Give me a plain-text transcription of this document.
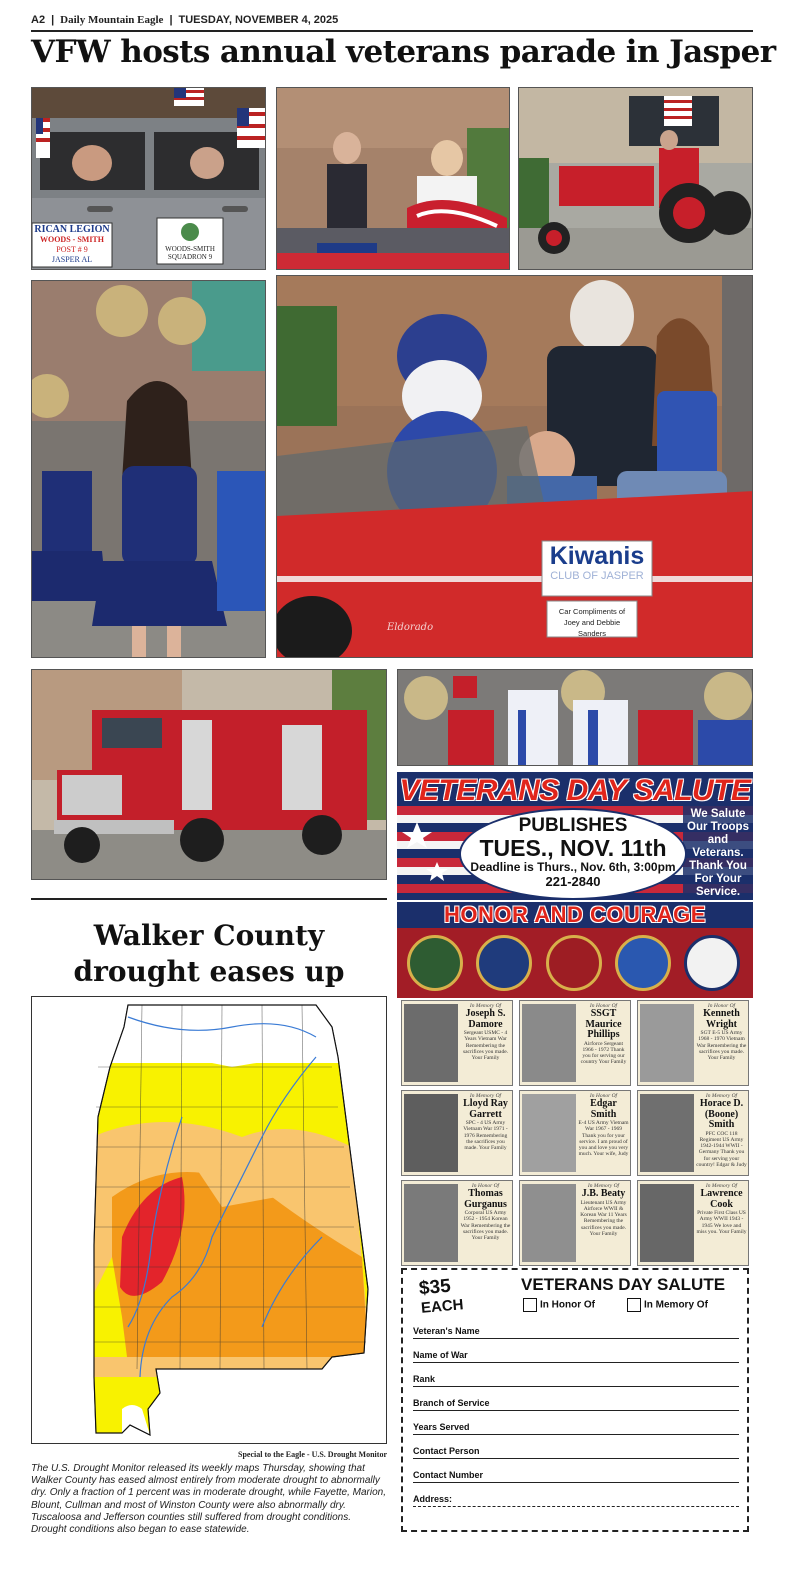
A2 | Daily Mountain Eagle | TUESDAY, NOVEMBER 4, 2025
VFW hosts annual veterans parade in Jasper
RICAN LEGION
WOODS - SMITH
POST # 9
JASPER AL
WOODS-SMITH
SQUADRON 9
Kiwanis
CLUB OF JASPER
Car Compliments of
Joey and Debbie Sanders
Eldorado
Walker County drought eases up
Special to the Eagle - U.S. Drought Monitor
The U.S. Drought Monitor released its weekly maps Thursday, showing that Walker County has eased almost entirely from moderate drought to abnormally dry. Only a fraction of 1 percent was in moderate drought, while Fayette, Marion, Blount, Cullman and most of Winston County were also abnormally dry. Tuscaloosa and Jefferson counties still suffered from drought conditions. Drought conditions also began to ease statewide.
VETERANS DAY SALUTE
PUBLISHES
TUES., NOV. 11th
Deadline is Thurs., Nov. 6th, 3:00pm
221-2840
We Salute Our Troops and Veterans. Thank You For Your Service.
HONOR AND COURAGE
In Memory Of
Joseph S. Damore
Sergeant USMC - 4 Years Vietnam War Remembering the sacrifices you made. Your Family
In Honor Of
SSGT Maurice Phillips
Airforce Sergeant 1966 - 1972 Thank you for serving our country Your Family
In Honor Of
Kenneth Wright
SGT E-5 US Army 1968 - 1970 Vietnam War Remembering the sacrifices you made. Your Family
In Memory Of
Lloyd Ray Garrett
SPC - 4 US Army Vietnam War 1971 - 1976 Remembering the sacrifices you made. Your Family
In Honor Of
Edgar Smith
E-4 US Army Vietnam War 1967 - 1969 Thank you for your service. I am proud of you and love you very much. Your wife, Judy
In Memory Of
Horace D. (Boone) Smith
PFC COC 118 Regiment US Army 1942-1944 WWII - Germany Thank you for serving your country! Edgar & Judy
In Honor Of
Thomas Gurganus
Corporal US Army 1952 - 1954 Korean War Remembering the sacrifices you made. Your Family
In Memory Of
J.B. Beaty
Lieutenant US Army Airforce WWII & Korean War 11 Years Remembering the sacrifices you made. Your Family
In Memory Of
Lawrence Cook
Private First Class US Army WWII 1943 - 1945 We love and miss you. Your Family
$35
EACH
VETERANS DAY SALUTE
In Honor Of	In Memory Of
Veteran's Name
Name of War
Rank
Branch of Service
Years Served
Contact Person
Contact Number
Address:
